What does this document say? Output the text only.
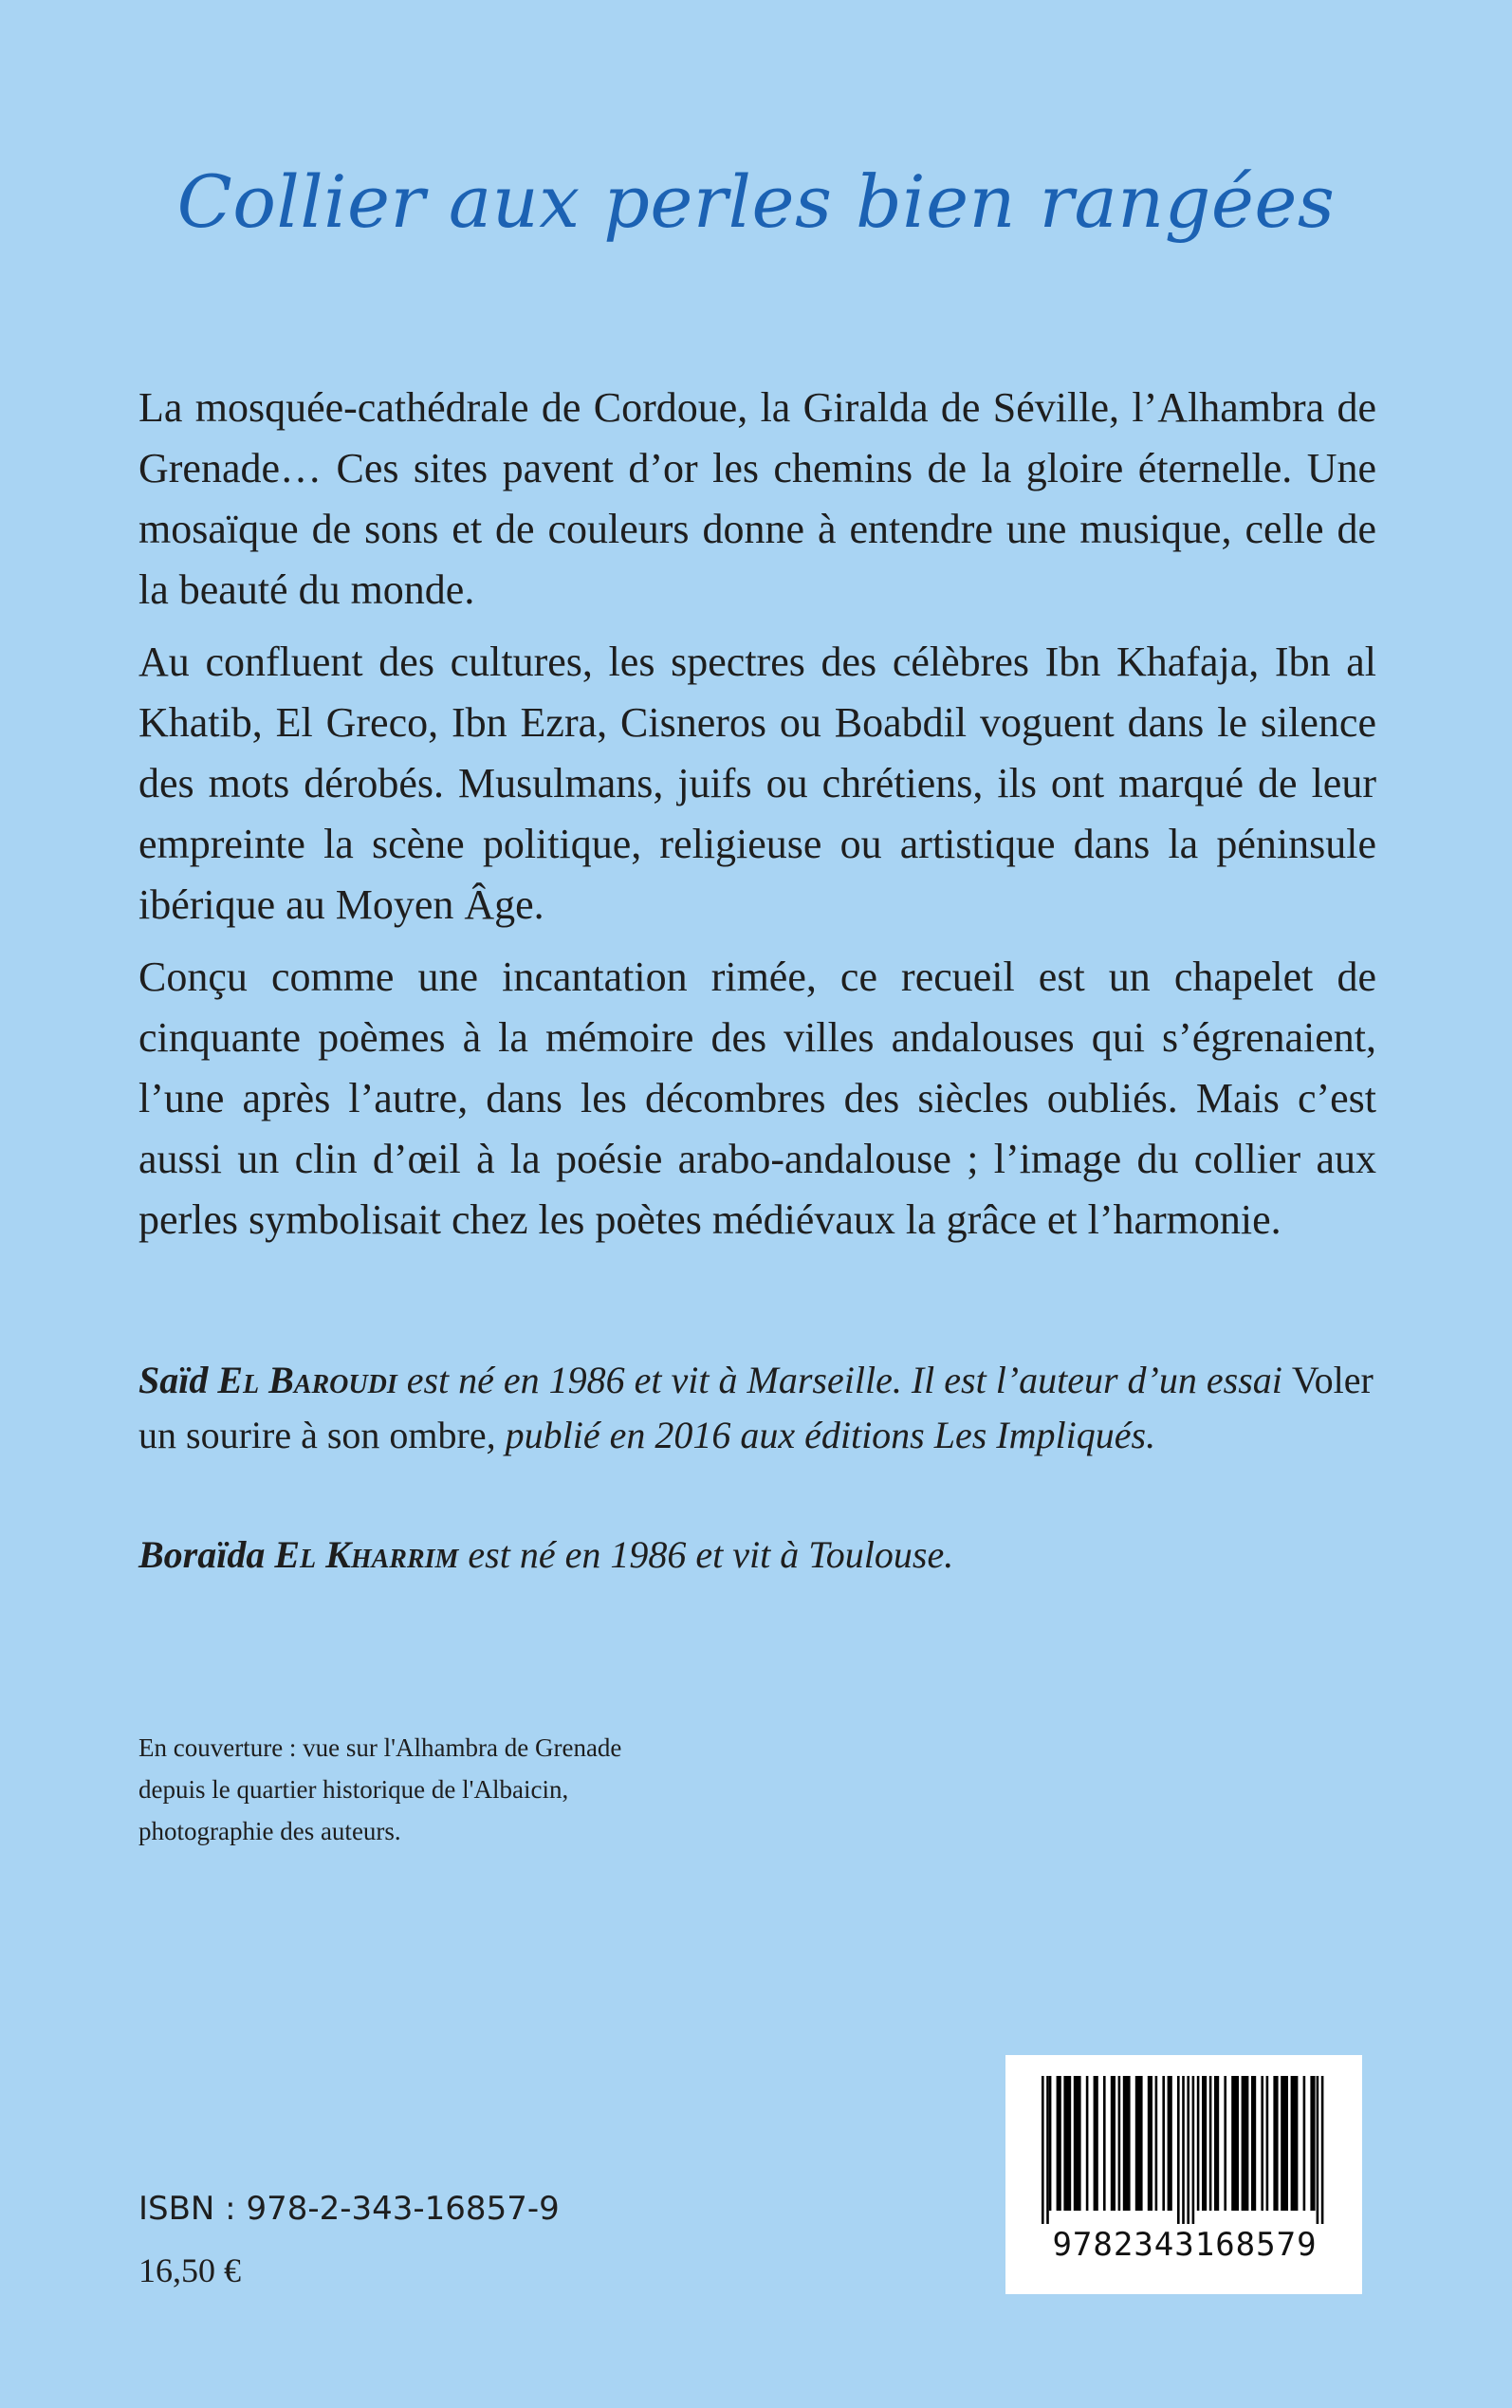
Collier aux perles bien rangées

La mosquée-cathédrale de Cordoue, la Giralda de Séville, l’Alhambra de Grenade… Ces sites pavent d’or les chemins de la gloire éternelle. Une mosaïque de sons et de couleurs donne à entendre une musique, celle de la beauté du monde.

Au confluent des cultures, les spectres des célèbres Ibn Khafaja, Ibn al Khatib, El Greco, Ibn Ezra, Cisneros ou Boabdil voguent dans le silence des mots dérobés. Musulmans, juifs ou chrétiens, ils ont marqué de leur empreinte la scène politique, religieuse ou artistique dans la péninsule ibérique au Moyen Âge.

Conçu comme une incantation rimée, ce recueil est un chapelet de cinquante poèmes à la mémoire des villes andalouses qui s’égrenaient, l’une après l’autre, dans les décombres des siècles oubliés. Mais c’est aussi un clin d’œil à la poésie arabo-andalouse ; l’image du collier aux perles symbolisait chez les poètes médiévaux la grâce et l’harmonie.

Saïd El Baroudi est né en 1986 et vit à Marseille. Il est l’auteur d’un essai Voler un sourire à son ombre, publié en 2016 aux éditions Les Impliqués.

Boraïda El Kharrim est né en 1986 et vit à Toulouse.

En couverture : vue sur l'Alhambra de Grenade
depuis le quartier historique de l'Albaicin,
photographie des auteurs.

ISBN : 978-2-343-16857-9

16,50 €

9782343168579
